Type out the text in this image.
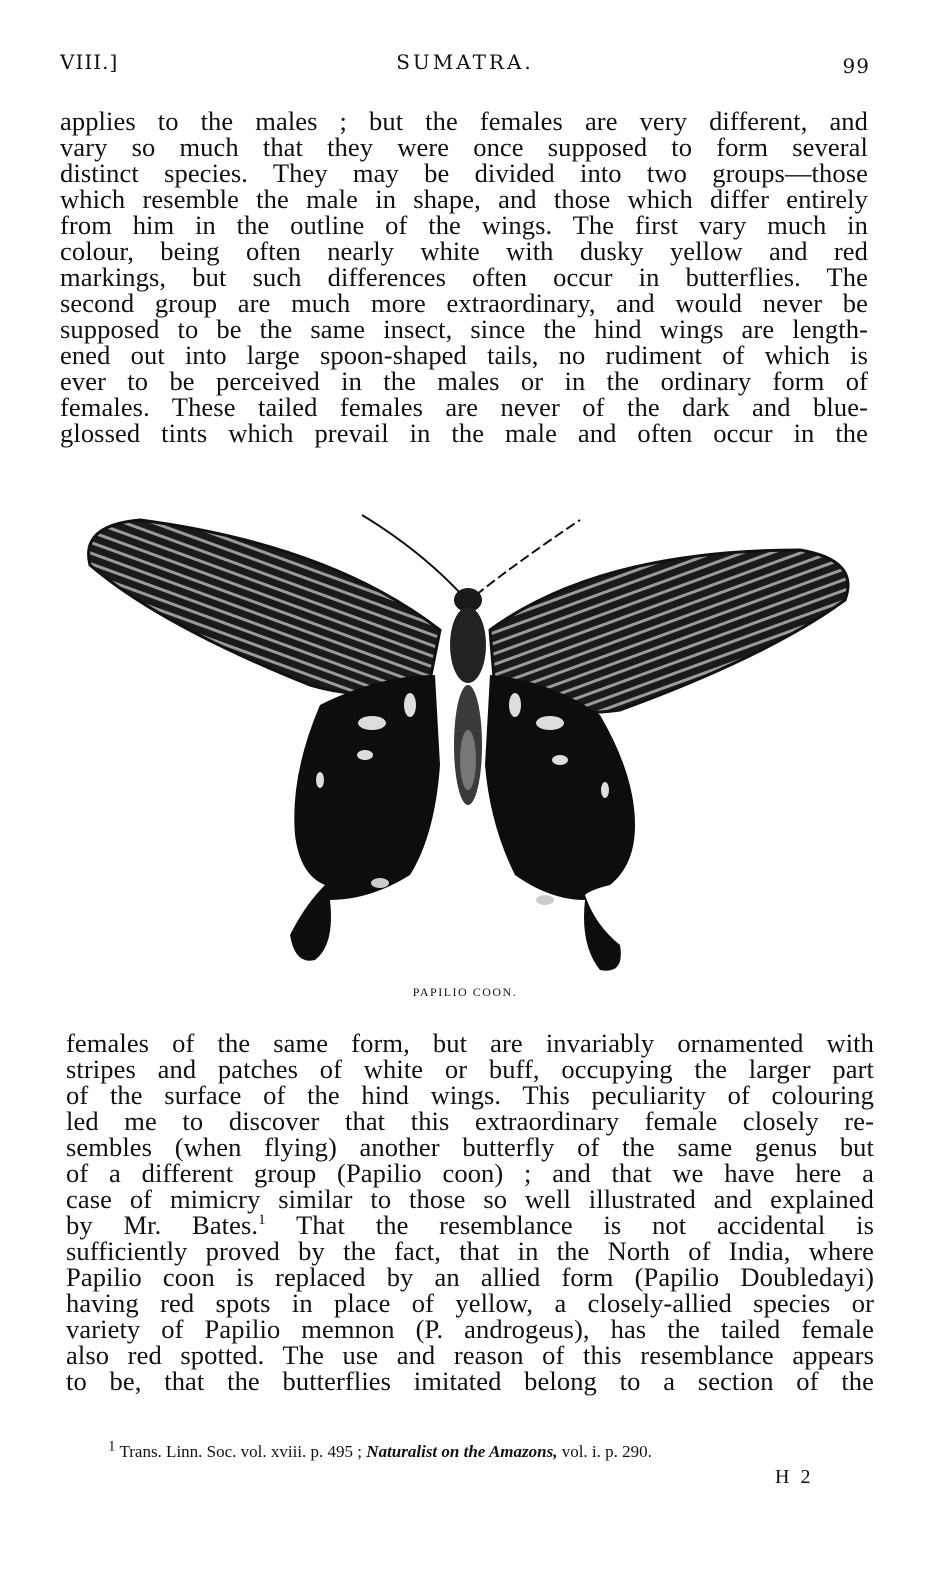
VIII.]	SUMATRA.	99

applies to the males ; but the females are very different, and
vary so much that they were once supposed to form several
distinct species. They may be divided into two groups—those
which resemble the male in shape, and those which differ entirely
from him in the outline of the wings. The first vary much in
colour, being often nearly white with dusky yellow and red
markings, but such differences often occur in butterflies. The
second group are much more extraordinary, and would never be
supposed to be the same insect, since the hind wings are length-
ened out into large spoon-shaped tails, no rudiment of which is
ever to be perceived in the males or in the ordinary form of
females. These tailed females are never of the dark and blue-
glossed tints which prevail in the male and often occur in the

PAPILIO COON.

females of the same form, but are invariably ornamented with
stripes and patches of white or buff, occupying the larger part
of the surface of the hind wings. This peculiarity of colouring
led me to discover that this extraordinary female closely re-
sembles (when flying) another butterfly of the same genus but
of a different group (Papilio coon) ; and that we have here a
case of mimicry similar to those so well illustrated and explained
by Mr. Bates.$^1$ That the resemblance is not accidental is
sufficiently proved by the fact, that in the North of India, where
Papilio coon is replaced by an allied form (Papilio Doubledayi)
having red spots in place of yellow, a closely-allied species or
variety of Papilio memnon (P. androgeus), has the tailed female
also red spotted. The use and reason of this resemblance appears
to be, that the butterflies imitated belong to a section of the

$^1$ Trans. Linn. Soc. vol. xviii. p. 495 ; Naturalist on the Amazons, vol. i. p. 290.
H 2
